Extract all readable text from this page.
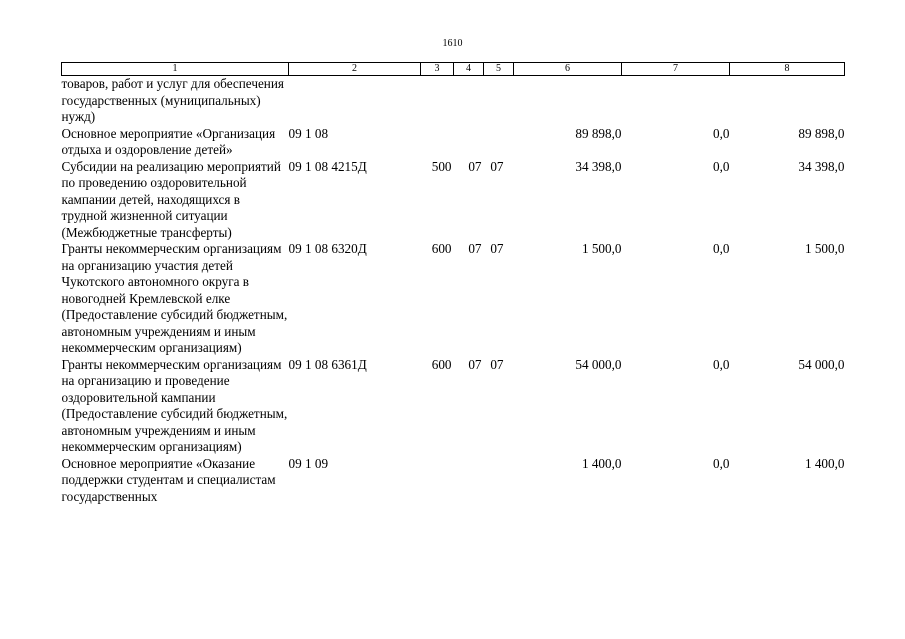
1610
1	2	3	4	5	6	7	8
товаров, работ и услуг для обеспечения государственных (муниципальных) нужд)							
Основное мероприятие «Организация отдыха и оздоровление детей»	09 1 08				89 898,0	0,0	89 898,0
Субсидии на реализацию мероприятий по проведению оздоровительной кампании детей, находящихся в трудной жизненной ситуации (Межбюджетные трансферты)	09 1 08 4215Д	500	07	07	34 398,0	0,0	34 398,0
Гранты некоммерческим организациям на организацию участия детей Чукотского автономного округа в новогодней Кремлевской елке (Предоставление субсидий бюджетным, автономным учреждениям и иным некоммерческим организациям)	09 1 08 6320Д	600	07	07	1 500,0	0,0	1 500,0
Гранты некоммерческим организациям на организацию и проведение оздоровительной кампании (Предоставление субсидий бюджетным, автономным учреждениям и иным некоммерческим организациям)	09 1 08 6361Д	600	07	07	54 000,0	0,0	54 000,0
Основное мероприятие «Оказание поддержки студентам и специалистам государственных	09 1 09				1 400,0	0,0	1 400,0
